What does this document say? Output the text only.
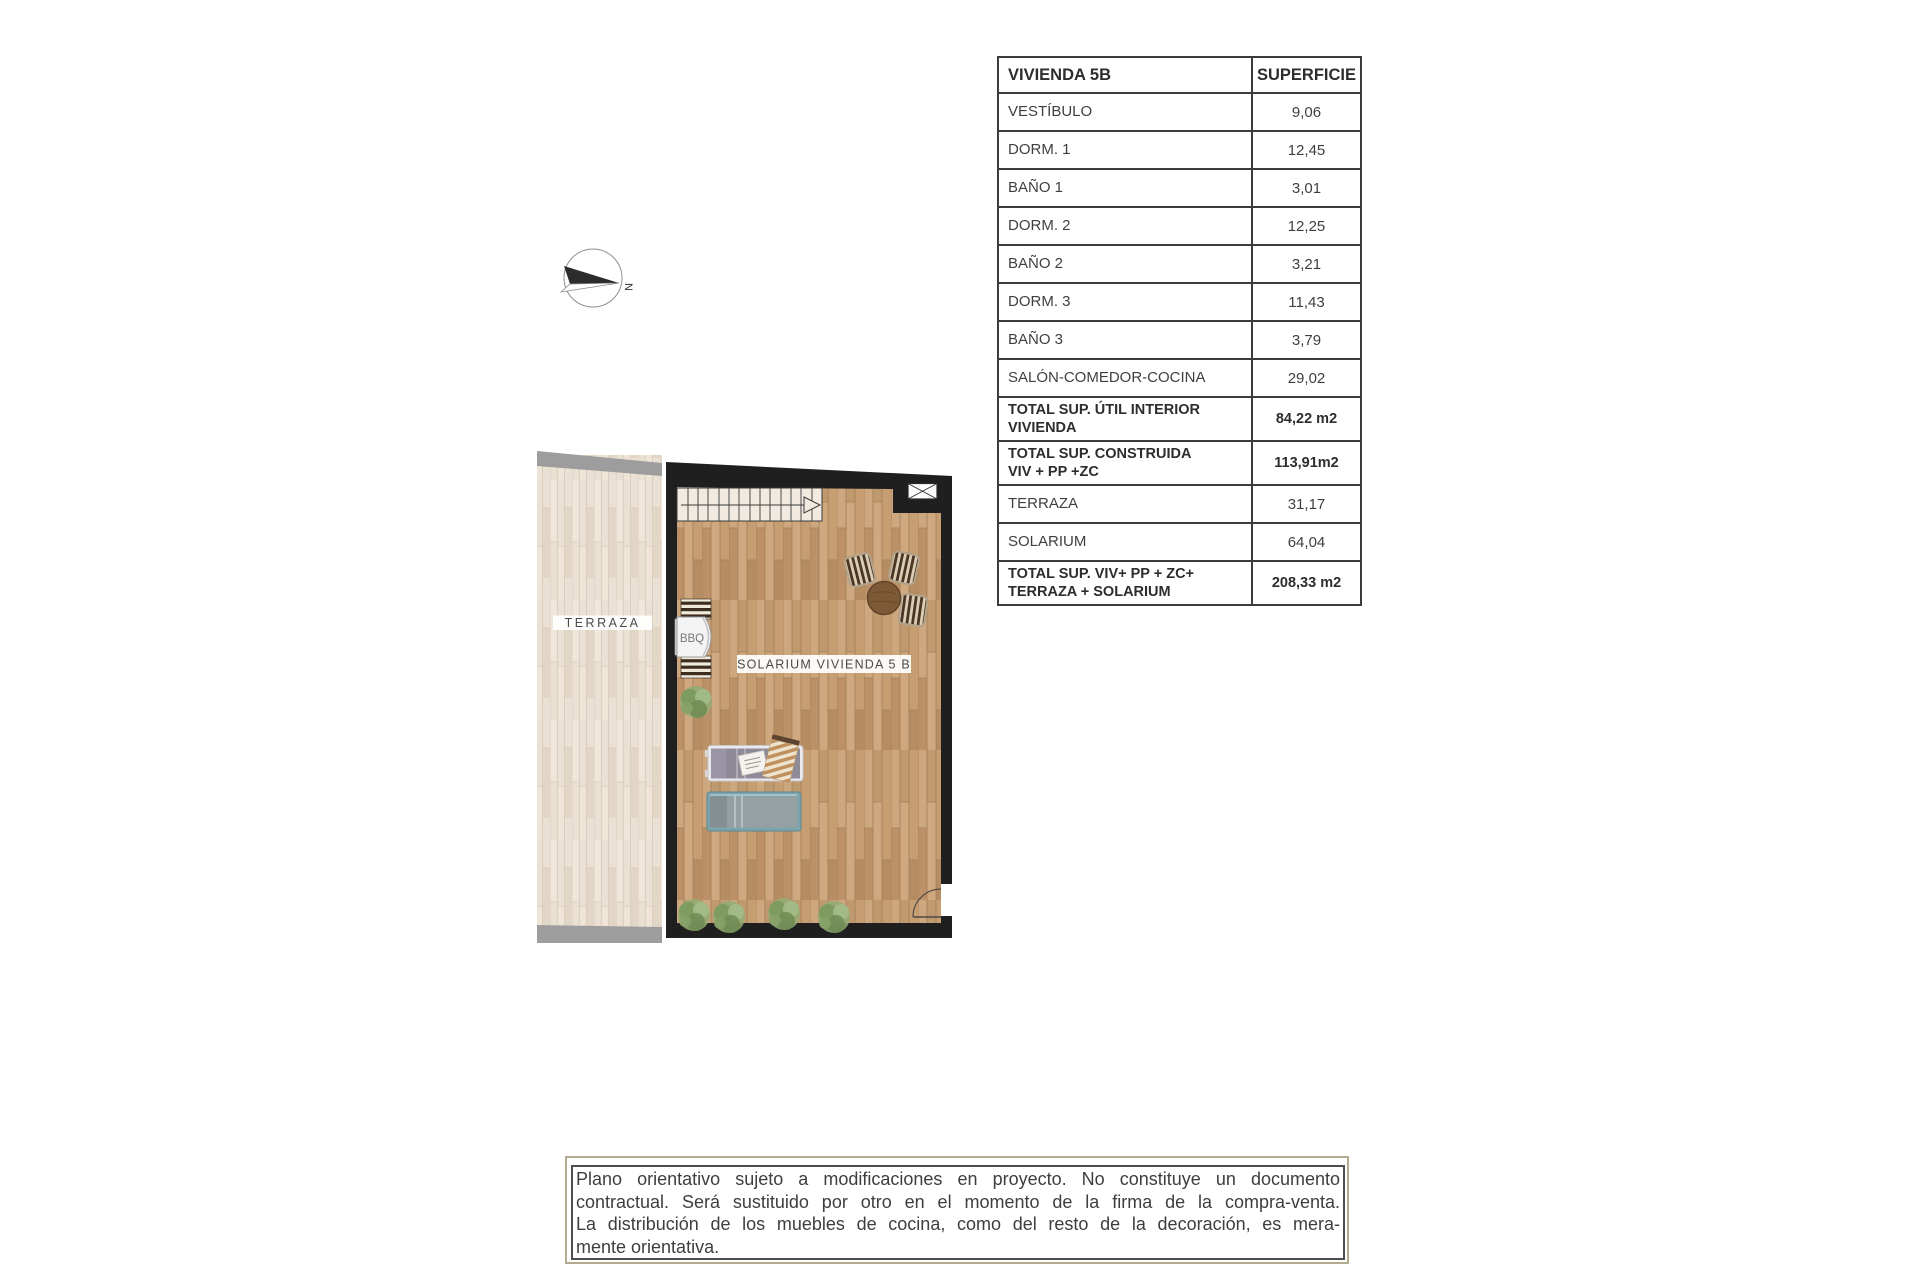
N
VIVIENDA 5B	SUPERFICIE
VESTÍBULO	9,06
DORM. 1	12,45
BAÑO 1	3,01
DORM. 2	12,25
BAÑO 2	3,21
DORM. 3	11,43
BAÑO 3	3,79
SALÓN-COMEDOR-COCINA	29,02
TOTAL SUP. ÚTIL INTERIOR
VIVIENDA	84,22 m2
TOTAL SUP. CONSTRUIDA
VIV + PP +ZC	113,91m2
TERRAZA	31,17
SOLARIUM	64,04
TOTAL SUP. VIV+ PP + ZC+
TERRAZA + SOLARIUM	208,33 m2
BBQ
TERRAZA
SOLARIUM VIVIENDA 5 B
Plano orientativo sujeto a modificaciones en proyecto. No constituye un documento
contractual. Será sustituido por otro en el momento de la firma de la compra-venta.
La distribución de los muebles de cocina, como del resto de la decoración, es mera-
mente orientativa.
